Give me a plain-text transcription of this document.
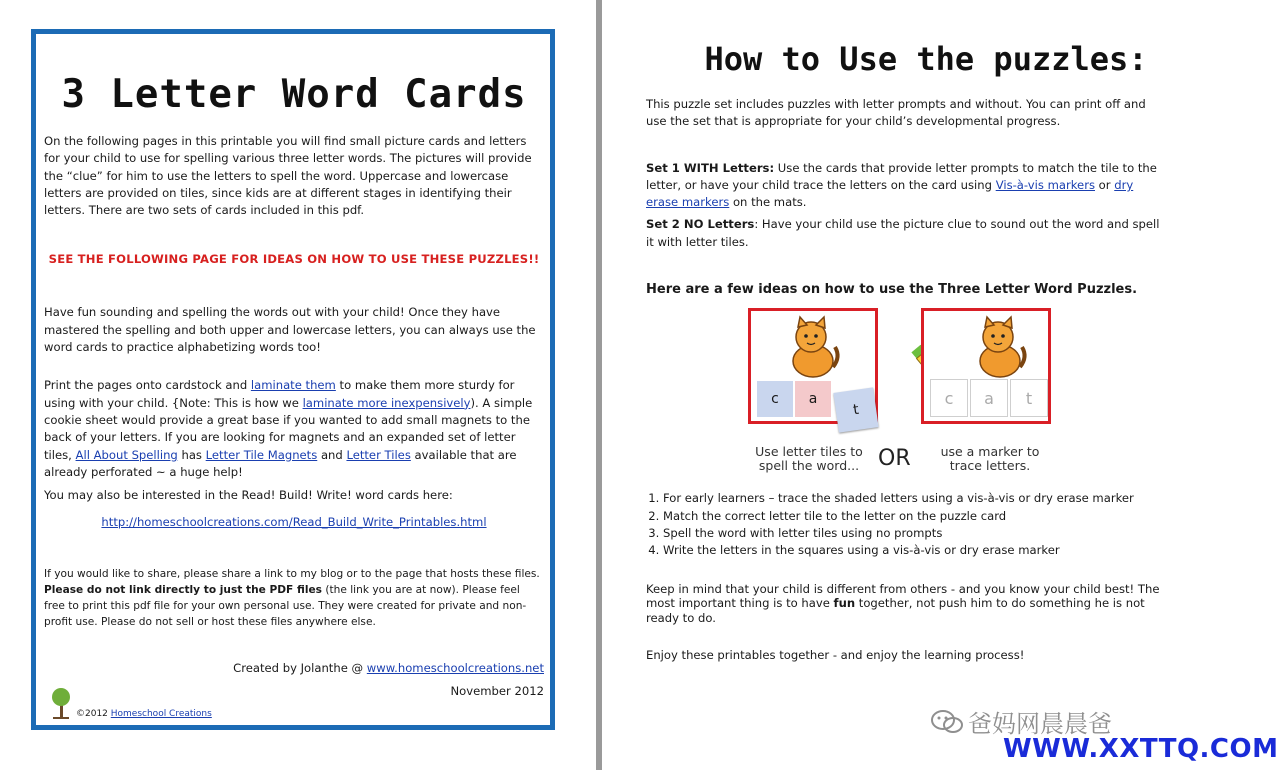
3 Letter Word Cards

On the following pages in this printable you will find small picture cards and letters for your child to use for spelling various three letter words. The pictures will provide the “clue” for him to use the letters to spell the word. Uppercase and lowercase letters are provided on tiles, since kids are at different stages in identifying their letters. There are two sets of cards included in this pdf.

SEE THE FOLLOWING PAGE FOR IDEAS ON HOW TO USE THESE PUZZLES!!

Have fun sounding and spelling the words out with your child! Once they have mastered the spelling and both upper and lowercase letters, you can always use the word cards to practice alphabetizing words too!

Print the pages onto cardstock and laminate them to make them more sturdy for using with your child. {Note: This is how we laminate more inexpensively). A simple cookie sheet would provide a great base if you wanted to add small magnets to the back of your letters. If you are looking for magnets and an expanded set of letter tiles, All About Spelling has Letter Tile Magnets and Letter Tiles available that are already perforated ~ a huge help!

You may also be interested in the Read! Build! Write! word cards here:

http://homeschoolcreations.com/Read_Build_Write_Printables.html

If you would like to share, please share a link to my blog or to the page that hosts these files. Please do not link directly to just the PDF files (the link you are at now). Please feel free to print this pdf file for your own personal use. They were created for private and non-profit use. Please do not sell or host these files anywhere else.

Created by Jolanthe @ www.homeschoolcreations.net

November 2012

©2012 Homeschool Creations
How to Use the puzzles:

This puzzle set includes puzzles with letter prompts and without. You can print off and use the set that is appropriate for your child’s developmental progress.

Set 1 WITH Letters: Use the cards that provide letter prompts to match the tile to the letter, or have your child trace the letters on the card using Vis-à-vis markers or dry erase markers on the mats.

Set 2 NO Letters: Have your child use the picture clue to sound out the word and spell it with letter tiles.

Here are a few ideas on how to use the Three Letter Word Puzzles.

c	a
t
c	a	t
Use letter tiles to spell the word... OR	use a marker to trace letters.
1. For early learners – trace the shaded letters using a vis-à-vis or dry erase marker
2. Match the correct letter tile to the letter on the puzzle card
3. Spell the word with letter tiles using no prompts
4. Write the letters in the squares using a vis-à-vis or dry erase marker

Keep in mind that your child is different from others - and you know your child best! The most important thing is to have fun together, not push him to do something he is not ready to do.

Enjoy these printables together - and enjoy the learning process!

爸妈网晨晨爸
WWW.XXTTQ.COM
